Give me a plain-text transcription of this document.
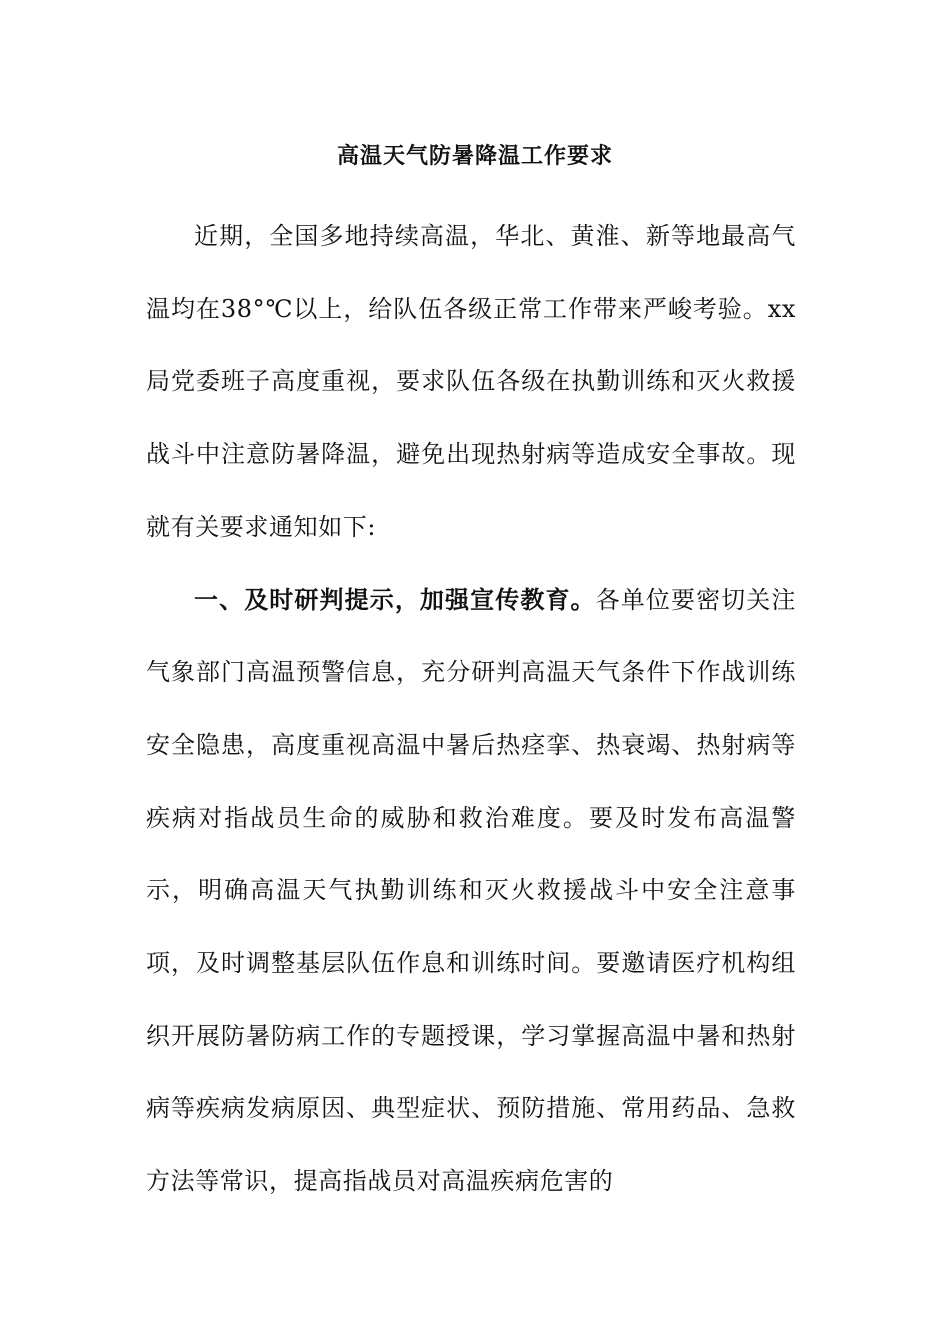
高温天气防暑降温工作要求

近期，全国多地持续高温，华北、黄淮、新等地最高气温均在38°℃以上，给队伍各级正常工作带来严峻考验。xx局党委班子高度重视，要求队伍各级在执勤训练和灭火救援战斗中注意防暑降温，避免出现热射病等造成安全事故。现就有关要求通知如下:

一、及时研判提示，加强宣传教育。各单位要密切关注气象部门高温预警信息，充分研判高温天气条件下作战训练安全隐患，高度重视高温中暑后热痉挛、热衰竭、热射病等疾病对指战员生命的威胁和救治难度。要及时发布高温警示，明确高温天气执勤训练和灭火救援战斗中安全注意事项，及时调整基层队伍作息和训练时间。要邀请医疗机构组织开展防暑防病工作的专题授课，学习掌握高温中暑和热射病等疾病发病原因、典型症状、预防措施、常用药品、急救方法等常识，提高指战员对高温疾病危害的
